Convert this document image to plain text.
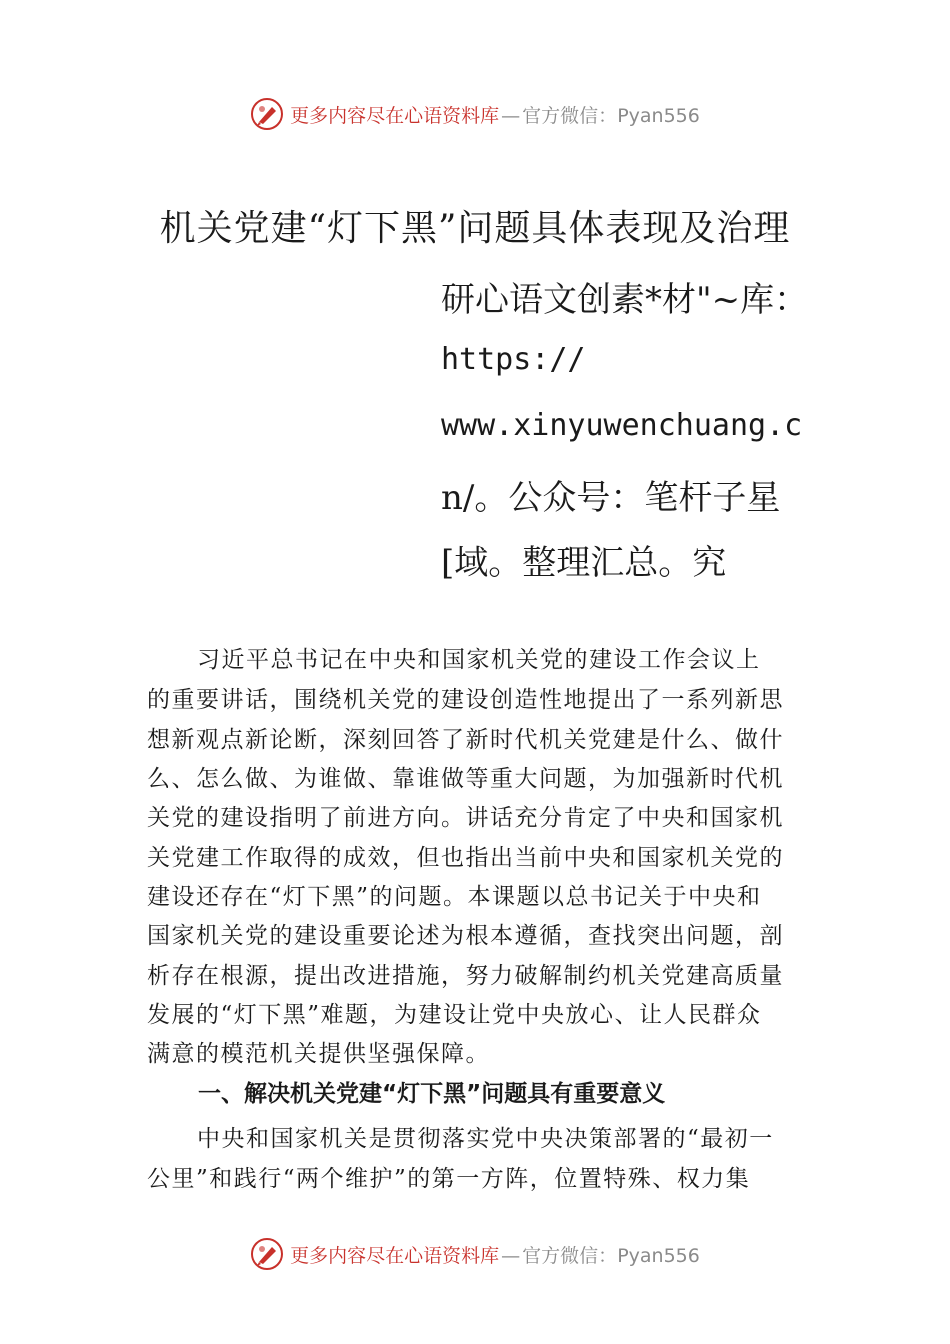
更多内容尽在心语资料库 — 官方微信： Pyan556
机关党建“灯下黑”问题具体表现及治理

研心语文创素*材"~库：

https://

www.xinyuwenchuang.c

n/。公众号：笔杆子星

[域。整理汇总。究

习近平总书记在中央和国家机关党的建设工作会议上

的重要讲话，围绕机关党的建设创造性地提出了一系列新思

想新观点新论断，深刻回答了新时代机关党建是什么、做什

么、怎么做、为谁做、靠谁做等重大问题，为加强新时代机

关党的建设指明了前进方向。讲话充分肯定了中央和国家机

关党建工作取得的成效，但也指出当前中央和国家机关党的

建设还存在“灯下黑”的问题。本课题以总书记关于中央和

国家机关党的建设重要论述为根本遵循，查找突出问题，剖

析存在根源，提出改进措施，努力破解制约机关党建高质量

发展的“灯下黑”难题，为建设让党中央放心、让人民群众

满意的模范机关提供坚强保障。

一、解决机关党建“灯下黑”问题具有重要意义

中央和国家机关是贯彻落实党中央决策部署的“最初一

公里”和践行“两个维护”的第一方阵，位置特殊、权力集

更多内容尽在心语资料库 — 官方微信： Pyan556
